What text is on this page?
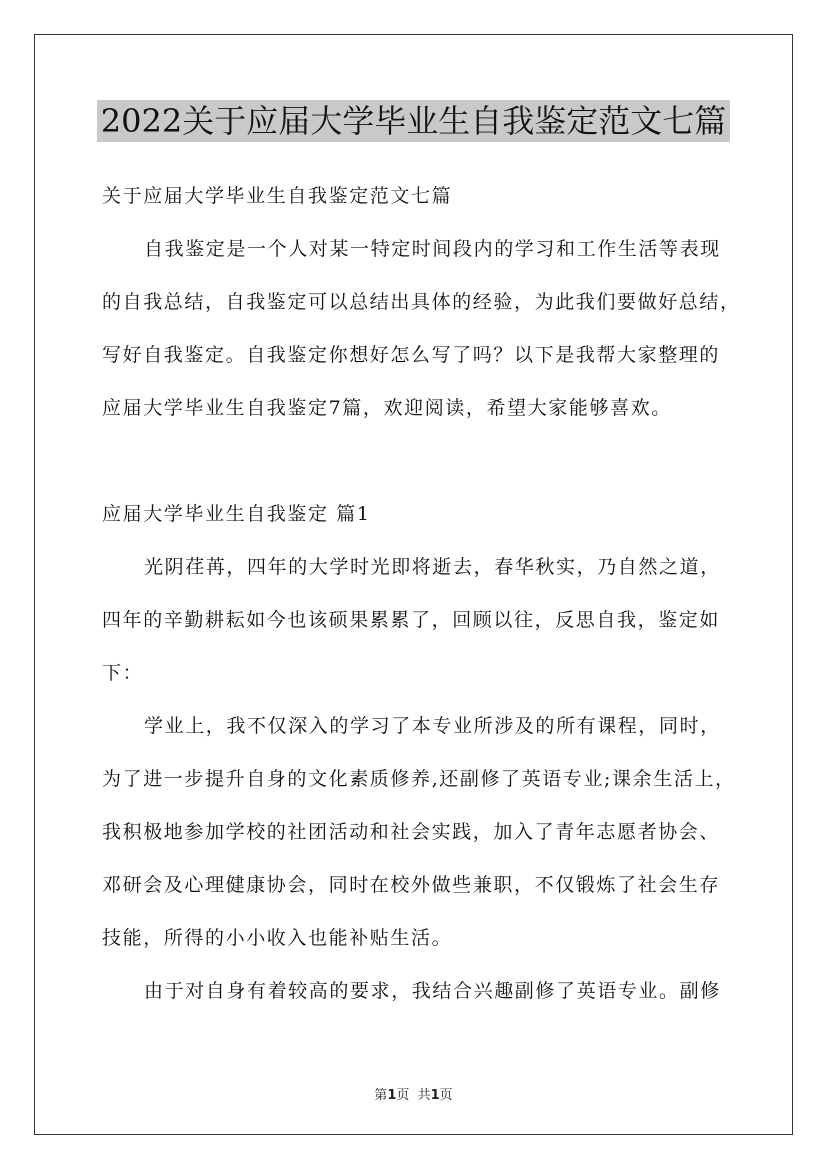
2022关于应届大学毕业生自我鉴定范文七篇
关于应届大学毕业生自我鉴定范文七篇
自我鉴定是一个人对某一特定时间段内的学习和工作生活等表现
的自我总结，自我鉴定可以总结出具体的经验，为此我们要做好总结，
写好自我鉴定。自我鉴定你想好怎么写了吗？以下是我帮大家整理的
应届大学毕业生自我鉴定7篇，欢迎阅读，希望大家能够喜欢。
应届大学毕业生自我鉴定 篇1
光阴荏苒，四年的大学时光即将逝去，春华秋实，乃自然之道，
四年的辛勤耕耘如今也该硕果累累了，回顾以往，反思自我，鉴定如
下：
学业上，我不仅深入的学习了本专业所涉及的所有课程，同时，
为了进一步提升自身的文化素质修养,还副修了英语专业;课余生活上，
我积极地参加学校的社团活动和社会实践，加入了青年志愿者协会、
邓研会及心理健康协会，同时在校外做些兼职，不仅锻炼了社会生存
技能，所得的小小收入也能补贴生活。
由于对自身有着较高的要求，我结合兴趣副修了英语专业。副修
第1页  共1页
